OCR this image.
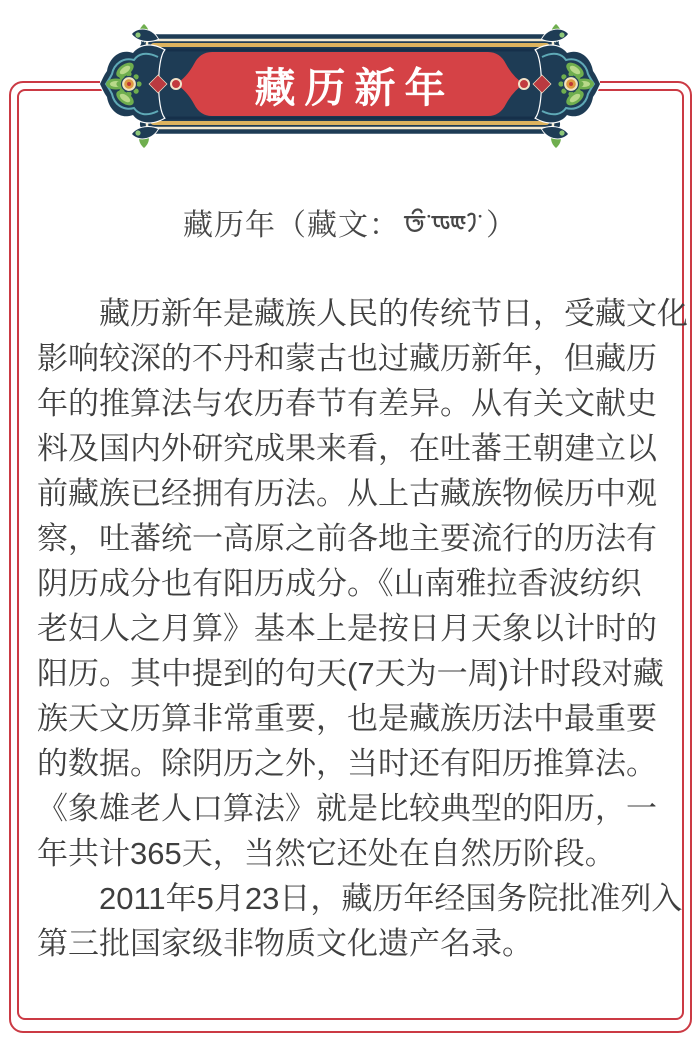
藏历新年
藏历年（藏文：	）
藏历新年是藏族人民的传统节日，受藏文化
影响较深的不丹和蒙古也过藏历新年，但藏历
年的推算法与农历春节有差异。从有关文献史
料及国内外研究成果来看，在吐蕃王朝建立以
前藏族已经拥有历法。从上古藏族物候历中观
察，吐蕃统一高原之前各地主要流行的历法有
阴历成分也有阳历成分。《山南雅拉香波纺织
老妇人之月算》基本上是按日月天象以计时的
阳历。其中提到的句天(7天为一周)计时段对藏
族天文历算非常重要，也是藏族历法中最重要
的数据。除阴历之外，当时还有阳历推算法。
《象雄老人口算法》就是比较典型的阳历，一
年共计365天，当然它还处在自然历阶段。
2011年5月23日，藏历年经国务院批准列入
第三批国家级非物质文化遗产名录。
